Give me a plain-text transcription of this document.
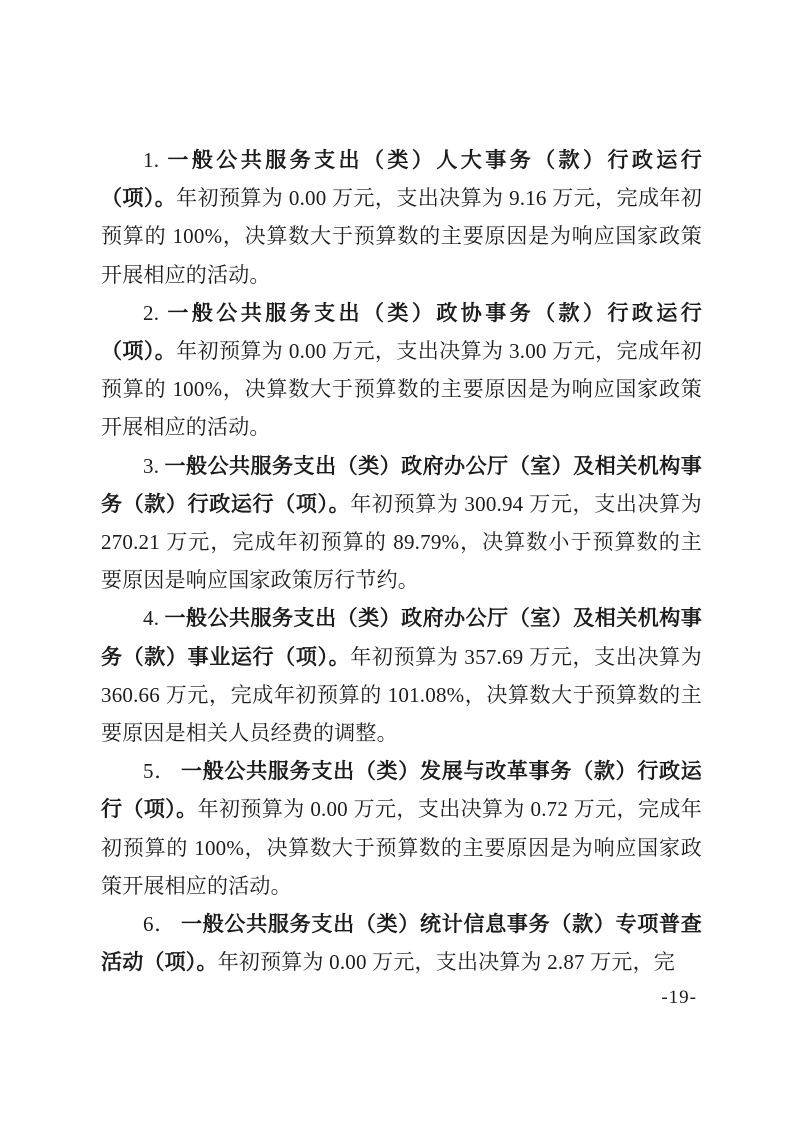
1. 一般公共服务支出（类）人大事务（款）行政运行（项）。年初预算为 0.00 万元，支出决算为 9.16 万元，完成年初预算的 100%，决算数大于预算数的主要原因是为响应国家政策开展相应的活动。

2. 一般公共服务支出（类）政协事务（款）行政运行（项）。年初预算为 0.00 万元，支出决算为 3.00 万元，完成年初预算的 100%，决算数大于预算数的主要原因是为响应国家政策开展相应的活动。

3. 一般公共服务支出（类）政府办公厅（室）及相关机构事务（款）行政运行（项）。年初预算为 300.94 万元，支出决算为 270.21 万元，完成年初预算的 89.79%，决算数小于预算数的主要原因是响应国家政策厉行节约。

4. 一般公共服务支出（类）政府办公厅（室）及相关机构事务（款）事业运行（项）。年初预算为 357.69 万元，支出决算为 360.66 万元，完成年初预算的 101.08%，决算数大于预算数的主要原因是相关人员经费的调整。

5． 一般公共服务支出（类）发展与改革事务（款）行政运行（项）。年初预算为 0.00 万元，支出决算为 0.72 万元，完成年初预算的 100%，决算数大于预算数的主要原因是为响应国家政策开展相应的活动。

6． 一般公共服务支出（类）统计信息事务（款）专项普查活动（项）。年初预算为 0.00 万元，支出决算为 2.87 万元，完

-19-
